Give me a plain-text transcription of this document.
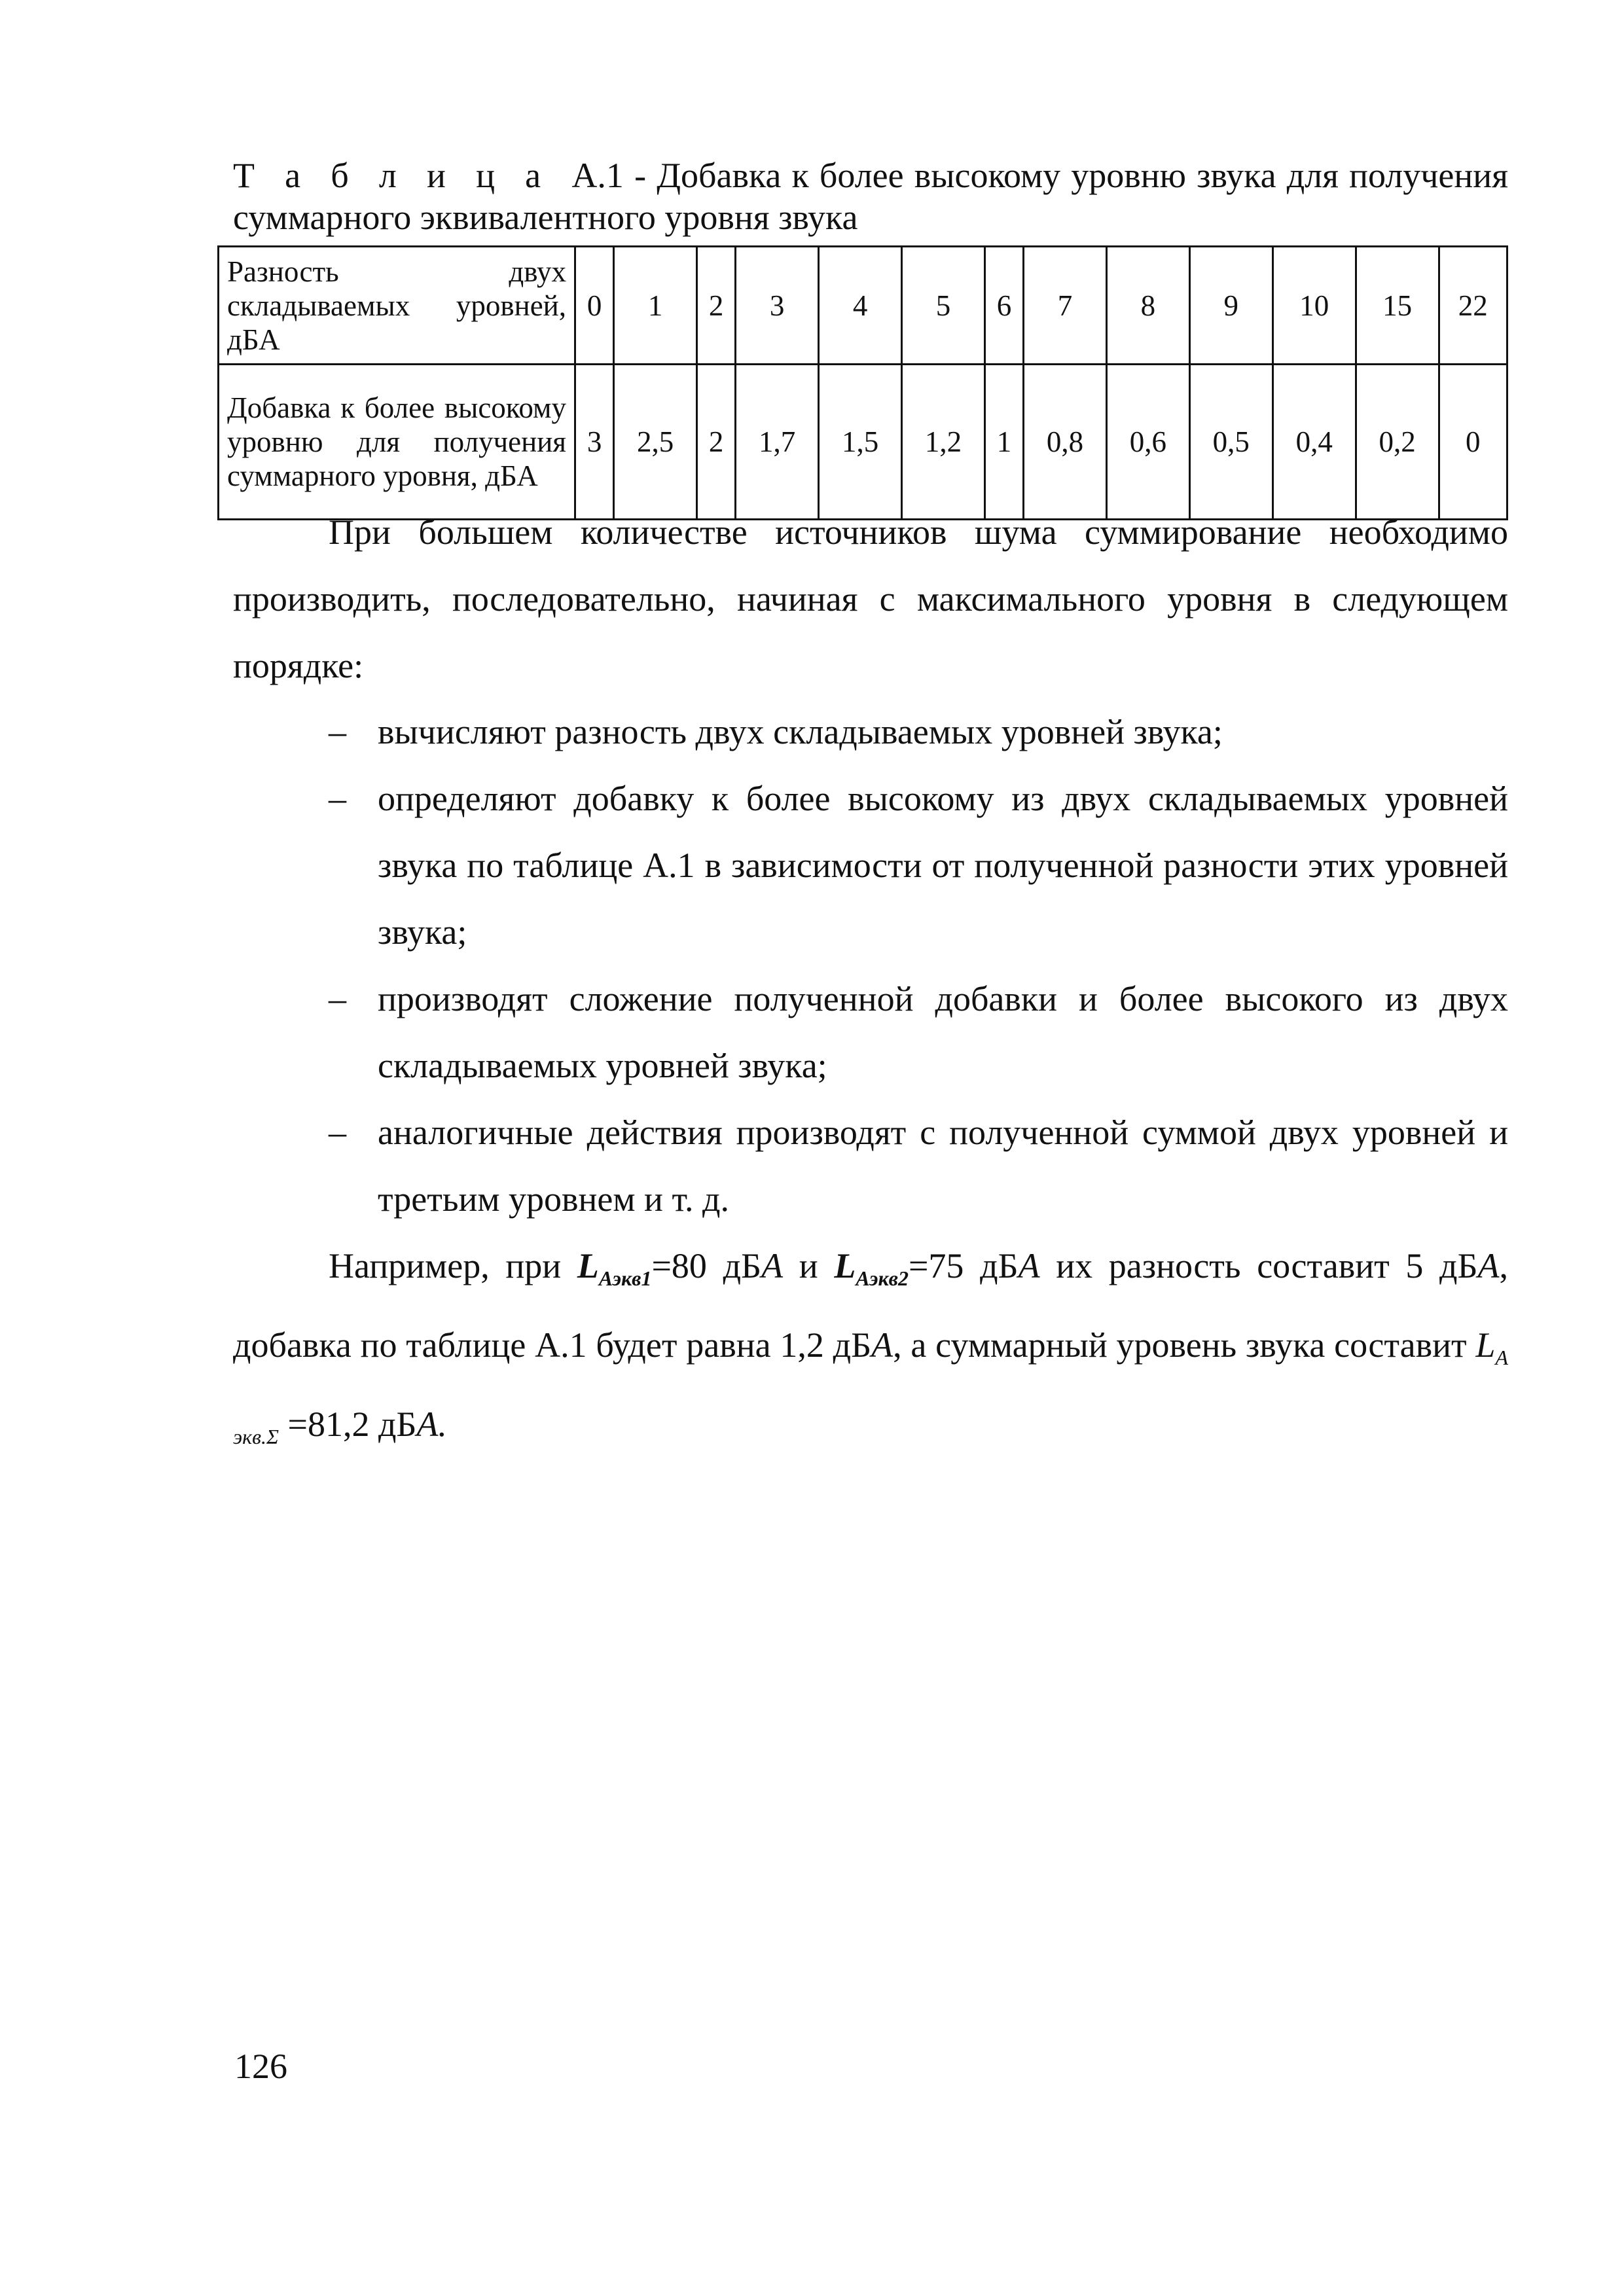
Т а б л и ц а А.1 - Добавка к более высокому уровню звука для получения
суммарного эквивалентного уровня звука
Разность двух складываемых уровней, дБА	0	1	2	3	4	5	6	7	8	9	10	15	22
Добавка к более высокому уровню для получения суммарного уровня, дБА	3	2,5	2	1,7	1,5	1,2	1	0,8	0,6	0,5	0,4	0,2	0
При большем количестве источников шума суммирование необходимо производить, последовательно, начиная с максимального уровня в следующем порядке:
– вычисляют разность двух складываемых уровней звука;
– определяют добавку к более высокому из двух складываемых уровней звука по таблице А.1 в зависимости от полученной разности этих уровней звука;
– производят сложение полученной добавки и более высокого из двух складываемых уровней звука;
– аналогичные действия производят с полученной суммой двух уровней и третьим уровнем и т. д.
Например, при $L_{Аэкв1}=80$ дБА и $L_{Аэкв2}=75$ дБА их разность составит 5 дБА, добавка по таблице А.1 будет равна 1,2 дБА, а суммарный уровень звука составит $L_{А экв.\Sigma} =81,2$ дБА.
126
